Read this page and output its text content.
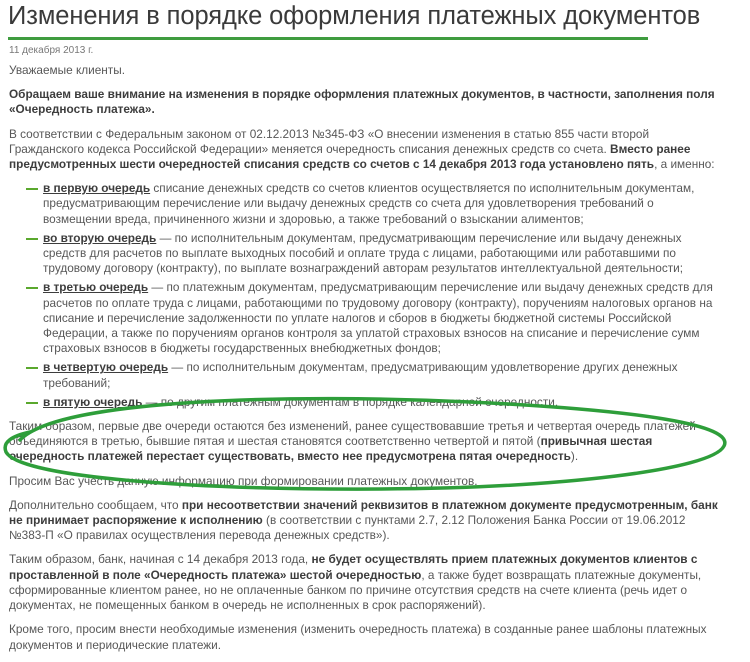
Изменения в порядке оформления платежных документов
11 декабря 2013 г.

Уважаемые клиенты.

Обращаем ваше внимание на изменения в порядке оформления платежных документов, в частности, заполнения поля «Очередность платежа».

В соответствии с Федеральным законом от 02.12.2013 №345-ФЗ «О внесении изменения в статью 855 части второй Гражданского кодекса Российской Федерации» меняется очередность списания денежных средств со счета. Вместо ранее предусмотренных шести очередностей списания средств со счетов с 14 декабря 2013 года установлено пять, а именно:

в первую очередь списание денежных средств со счетов клиентов осуществляется по исполнительным документам, предусматривающим перечисление или выдачу денежных средств со счета для удовлетворения требований о возмещении вреда, причиненного жизни и здоровью, а также требований о взыскании алиментов;
во вторую очередь — по исполнительным документам, предусматривающим перечисление или выдачу денежных средств для расчетов по выплате выходных пособий и оплате труда с лицами, работающими или работавшими по трудовому договору (контракту), по выплате вознаграждений авторам результатов интеллектуальной деятельности;
в третью очередь — по платежным документам, предусматривающим перечисление или выдачу денежных средств для расчетов по оплате труда с лицами, работающими по трудовому договору (контракту), поручениям налоговых органов на списание и перечисление задолженности по уплате налогов и сборов в бюджеты бюджетной системы Российской Федерации, а также по поручениям органов контроля за уплатой страховых взносов на списание и перечисление сумм страховых взносов в бюджеты государственных внебюджетных фондов;
в четвертую очередь — по исполнительным документам, предусматривающим удовлетворение других денежных требований;
в пятую очередь — по другим платежным документам в порядке календарной очередности.

Таким образом, первые две очереди остаются без изменений, ранее существовавшие третья и четвертая очередь платежей объединяются в третью, бывшие пятая и шестая становятся соответственно четвертой и пятой (привычная шестая очередность платежей перестает существовать, вместо нее предусмотрена пятая очередность).

Просим Вас учесть данную информацию при формировании платежных документов.

Дополнительно сообщаем, что при несоответствии значений реквизитов в платежном документе предусмотренным, банк не принимает распоряжение к исполнению (в соответствии с пунктами 2.7, 2.12 Положения Банка России от 19.06.2012 №383-П «О правилах осуществления перевода денежных средств»).

Таким образом, банк, начиная с 14 декабря 2013 года, не будет осуществлять прием платежных документов клиентов с проставленной в поле «Очередность платежа» шестой очередностью, а также будет возвращать платежные документы, сформированные клиентом ранее, но не оплаченные банком по причине отсутствия средств на счете клиента (речь идет о документах, не помещенных банком в очередь не исполненных в срок распоряжений).

Кроме того, просим внести необходимые изменения (изменить очередность платежа) в созданные ранее шаблоны платежных документов и периодические платежи.
